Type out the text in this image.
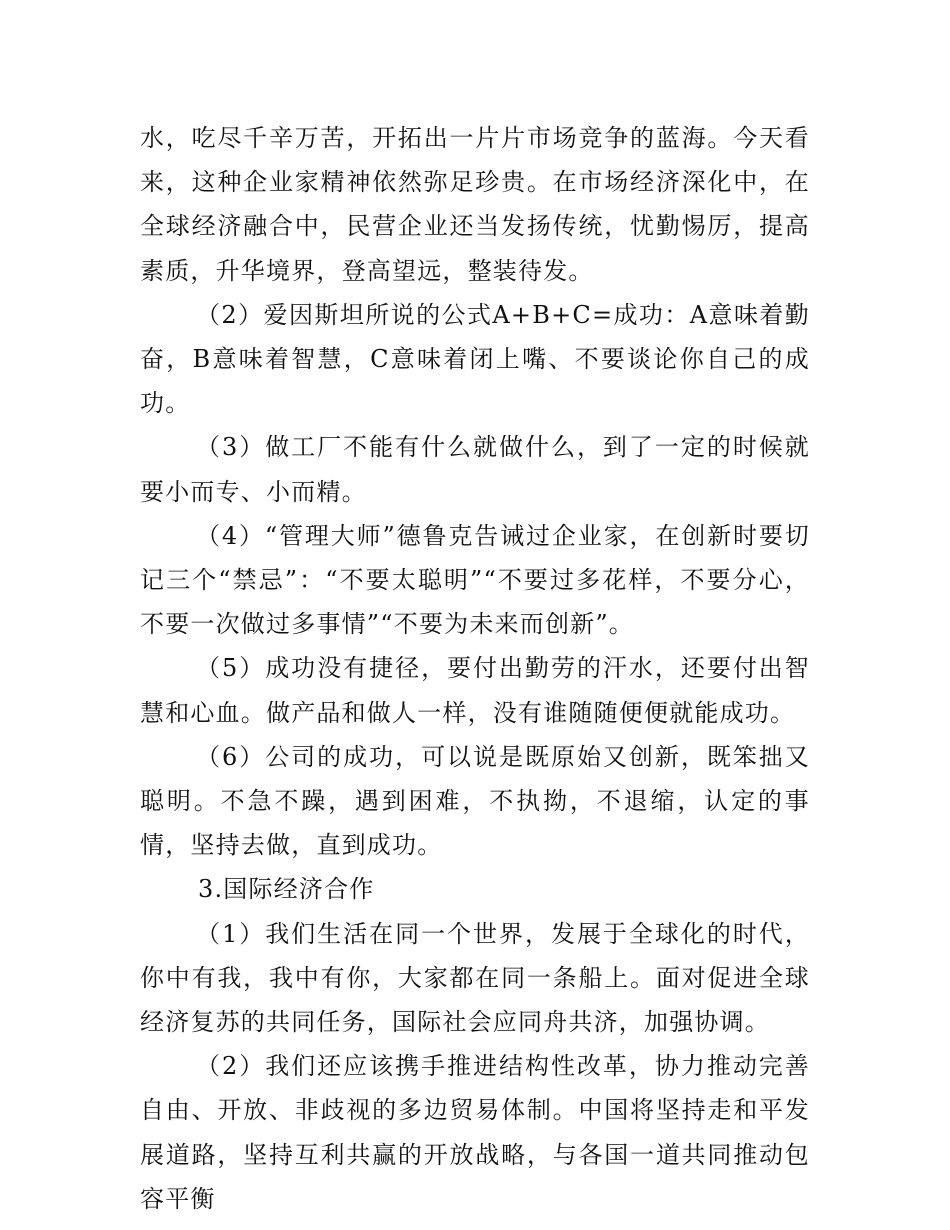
水，吃尽千辛万苦，开拓出一片片市场竞争的蓝海。今天看来，这种企业家精神依然弥足珍贵。在市场经济深化中，在全球经济融合中，民营企业还当发扬传统，忧勤惕厉，提高素质，升华境界，登高望远，整装待发。

（2）爱因斯坦所说的公式A+B+C=成功：A意味着勤奋，B意味着智慧，C意味着闭上嘴、不要谈论你自己的成功。

（3）做工厂不能有什么就做什么，到了一定的时候就要小而专、小而精。

（4）“管理大师”德鲁克告诫过企业家，在创新时要切记三个“禁忌”：“不要太聪明”“不要过多花样，不要分心，不要一次做过多事情”“不要为未来而创新”。

（5）成功没有捷径，要付出勤劳的汗水，还要付出智慧和心血。做产品和做人一样，没有谁随随便便就能成功。

（6）公司的成功，可以说是既原始又创新，既笨拙又聪明。不急不躁，遇到困难，不执拗，不退缩，认定的事情，坚持去做，直到成功。

3.国际经济合作

（1）我们生活在同一个世界，发展于全球化的时代，你中有我，我中有你，大家都在同一条船上。面对促进全球经济复苏的共同任务，国际社会应同舟共济，加强协调。

（2）我们还应该携手推进结构性改革，协力推动完善自由、开放、非歧视的多边贸易体制。中国将坚持走和平发展道路，坚持互利共赢的开放战略，与各国一道共同推动包容平衡
